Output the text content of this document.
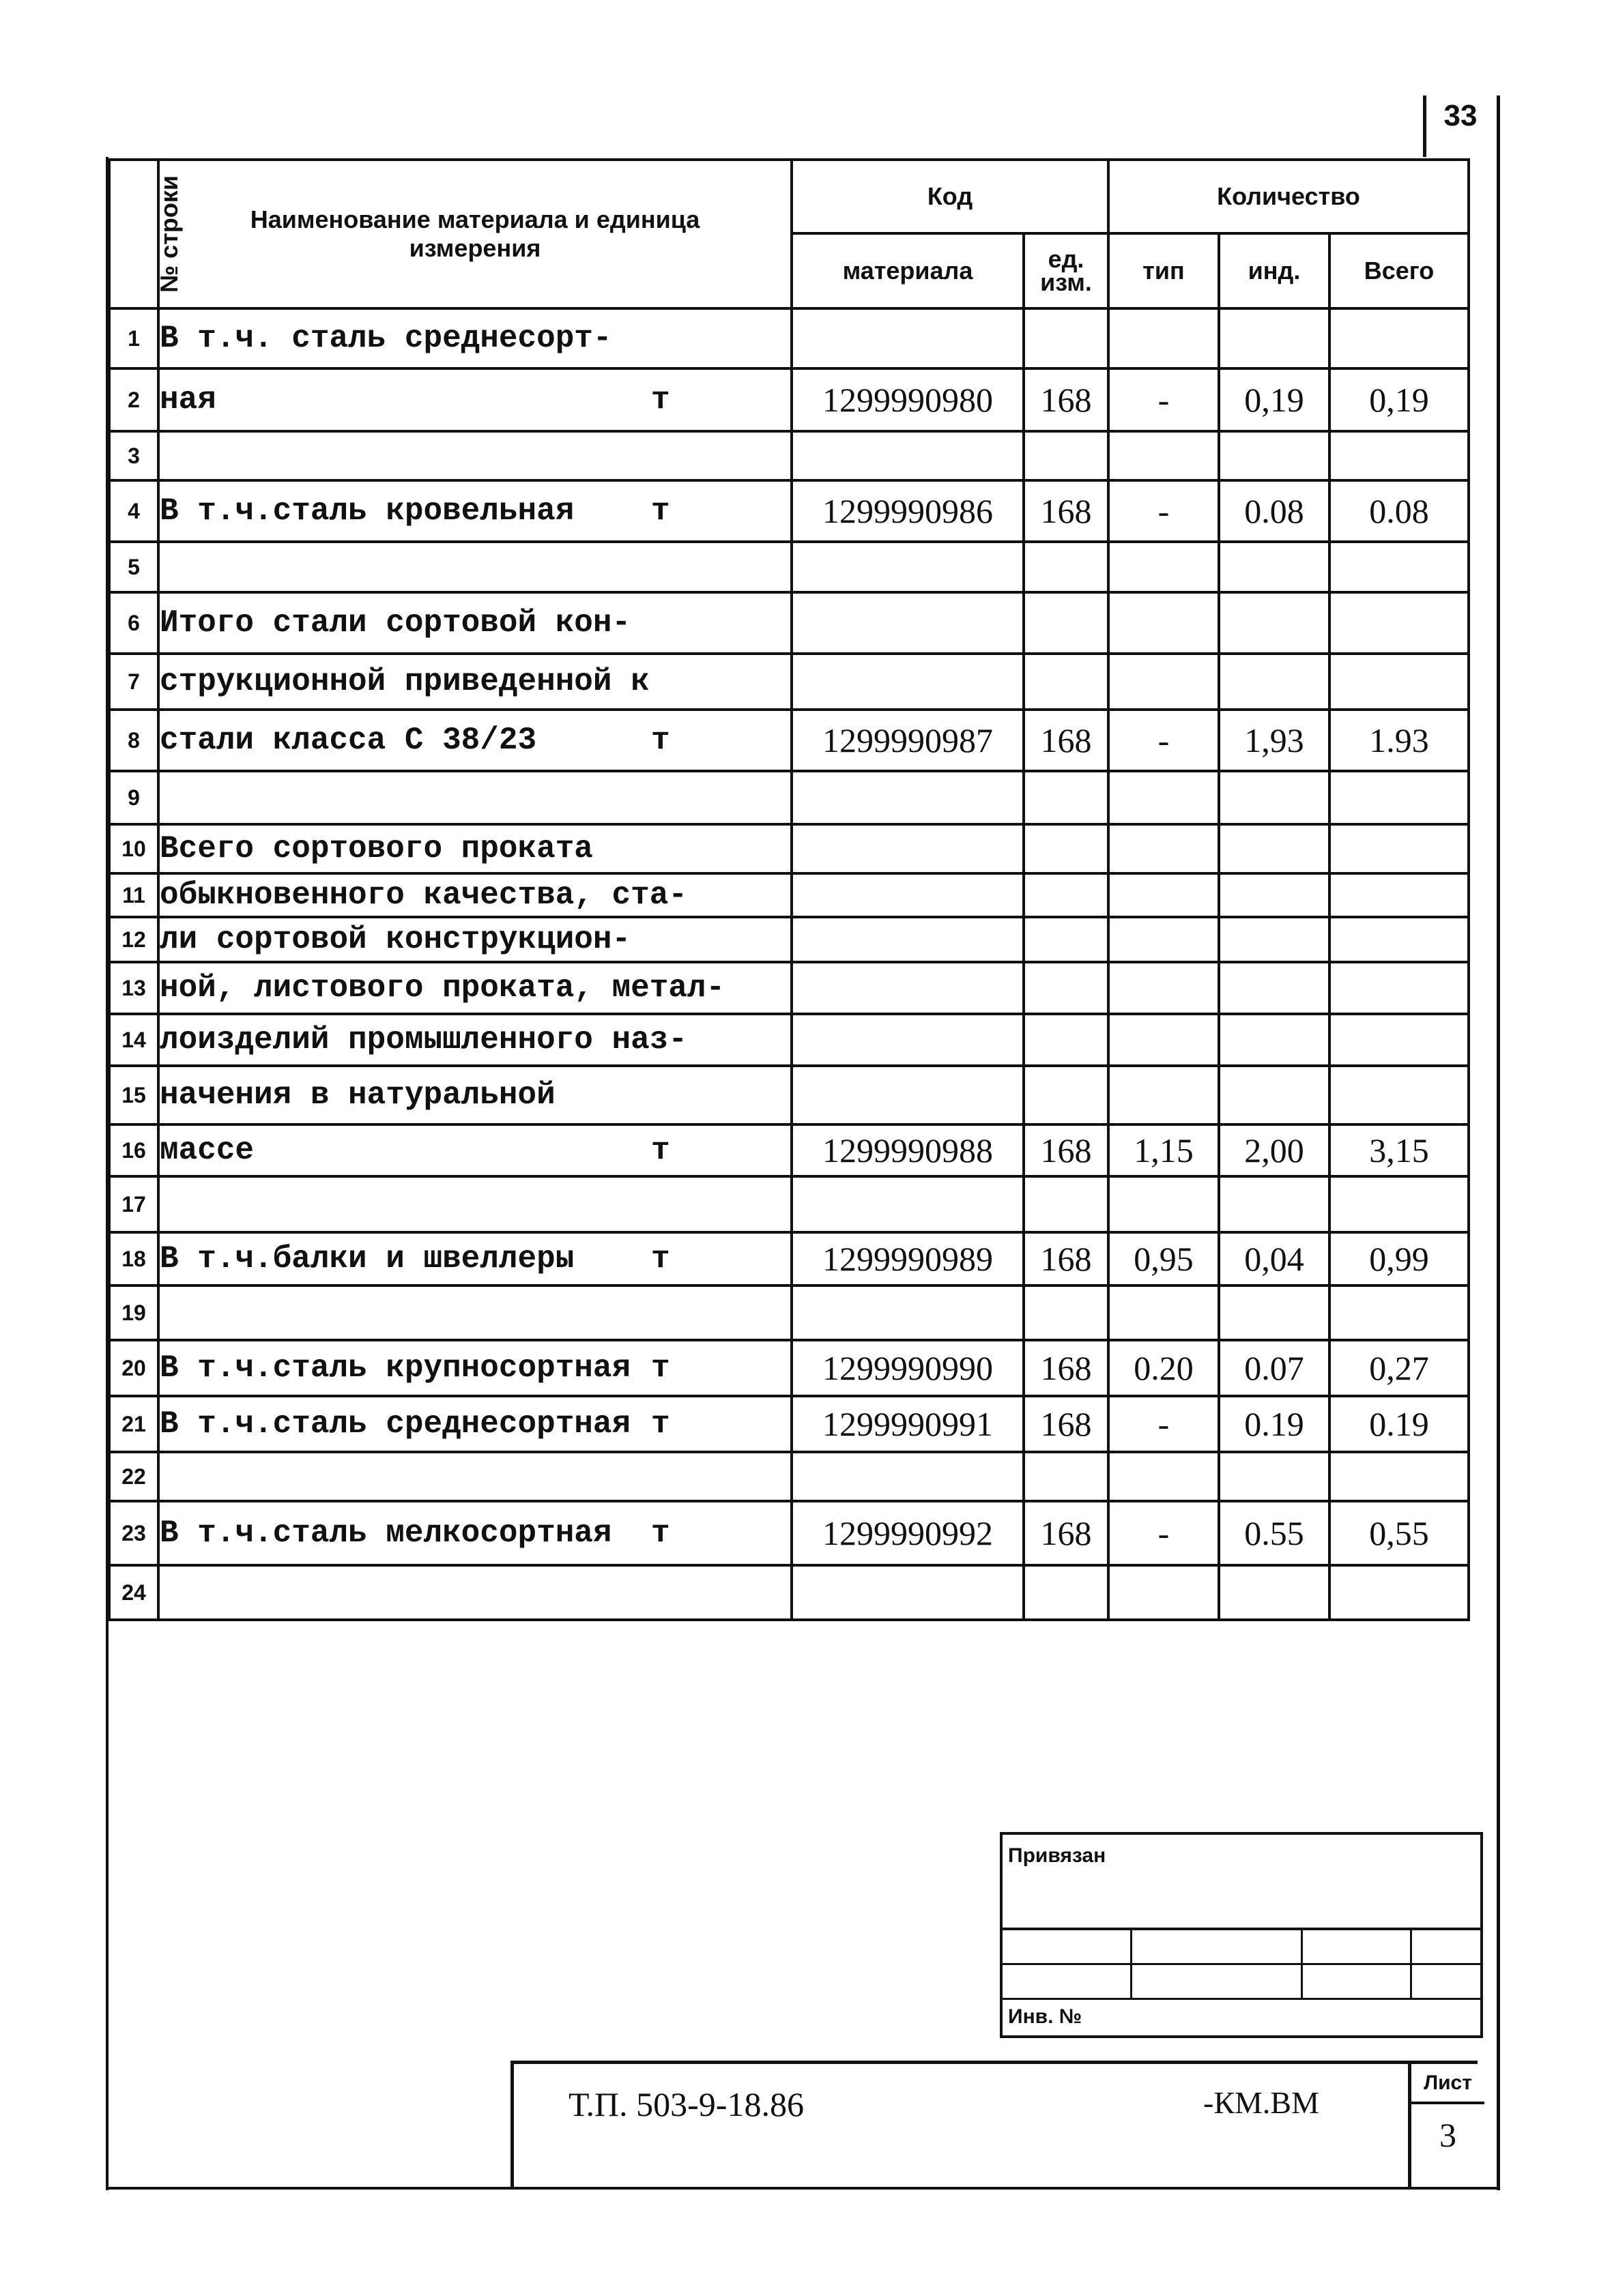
33
№ строки	Наименование материала и единица измерения	Код		Количество		
		материала	ед. изм.	тип	инд.	Всего
1	В т.ч. сталь среднесорт-					
2	ная т	1299990980	168	-	0,19	0,19
3						
4	В т.ч.сталь кровельная т	1299990986	168	-	0.08	0.08
5						
6	Итого стали сортовой кон-					
7	струкционной приведенной к					
8	стали класса С 38/23 т	1299990987	168	-	1,93	1.93
9						
10	Всего сортового проката					
11	обыкновенного качества, ста-					
12	ли сортовой конструкцион-					
13	ной, листового проката, метал-					
14	лоизделий промышленного наз-					
15	начения в натуральной					
16	массе т	1299990988	168	1,15	2,00	3,15
17						
18	В т.ч.балки и швеллеры т	1299990989	168	0,95	0,04	0,99
19						
20	В т.ч.сталь крупносортная т	1299990990	168	0.20	0.07	0,27
21	В т.ч.сталь среднесортная т	1299990991	168	-	0.19	0.19
22						
23	В т.ч.сталь мелкосортная т	1299990992	168	-	0.55	0,55
24						
Привязан
Инв. №
Т.П. 503-9-18.86	-КМ.ВМ
Лист
3
